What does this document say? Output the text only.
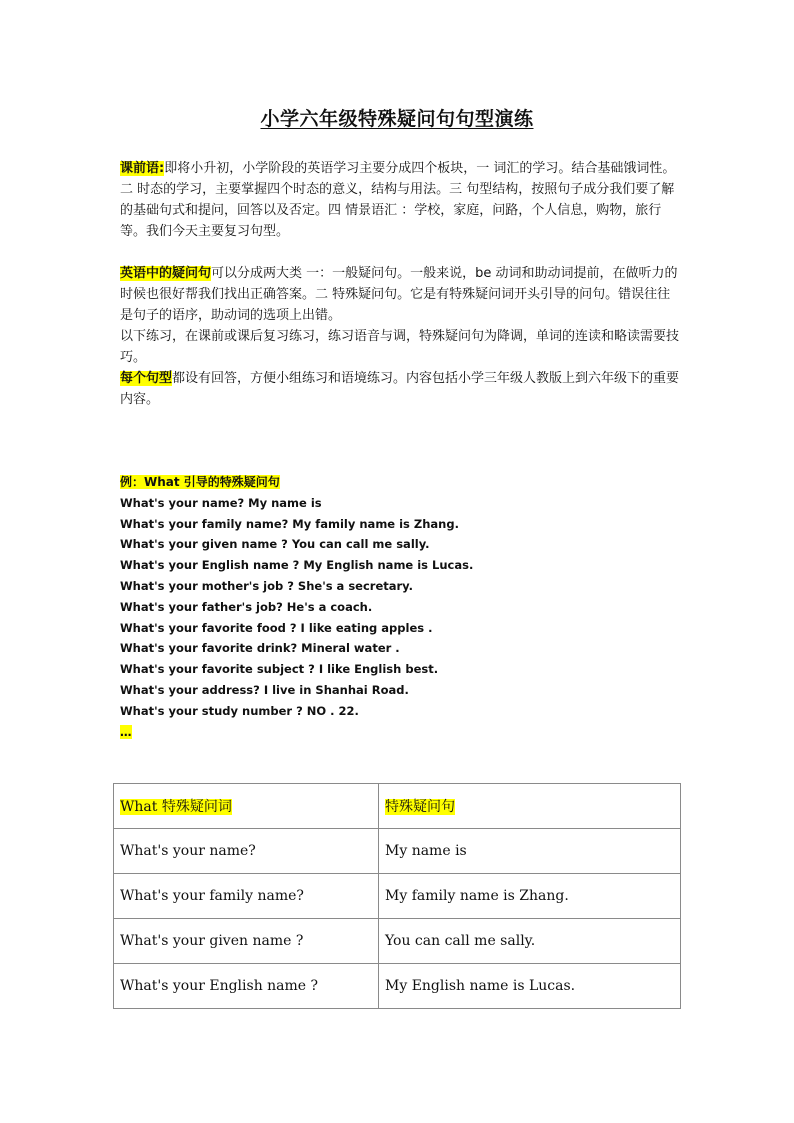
小学六年级特殊疑问句句型演练

课前语:即将小升初，小学阶段的英语学习主要分成四个板块，一 词汇的学习。结合基础饿词性。 二 时态的学习，主要掌握四个时态的意义，结构与用法。三 句型结构，按照句子成分我们要了解的基础句式和提问，回答以及否定。四 情景语汇 ：学校，家庭，问路，个人信息，购物，旅行等。我们今天主要复习句型。

英语中的疑问句可以分成两大类 一：一般疑问句。一般来说，be 动词和助动词提前，在做听力的时候也很好帮我们找出正确答案。二 特殊疑问句。它是有特殊疑问词开头引导的问句。错误往往是句子的语序，助动词的选项上出错。

以下练习，在课前或课后复习练习，练习语音与调，特殊疑问句为降调，单词的连读和略读需要技巧。

每个句型都设有回答，方便小组练习和语境练习。内容包括小学三年级人教版上到六年级下的重要内容。

例：What 引导的特殊疑问句
What's your name? My name is
What's your family name? My family name is Zhang.
What's your given name ? You can call me sally.
What's your English name ? My English name is Lucas.
What's your mother's job ? She's a secretary.
What's your father's job? He's a coach.
What's your favorite food ? I like eating apples .
What's your favorite drink? Mineral water .
What's your favorite subject ? I like English best.
What's your address? I live in Shanhai Road.
What's your study number ? NO . 22.
…
What 特殊疑问词	特殊疑问句
What's your name?	My name is
What's your family name?	My family name is Zhang.
What's your given name ?	You can call me sally.
What's your English name ?	My English name is Lucas.
